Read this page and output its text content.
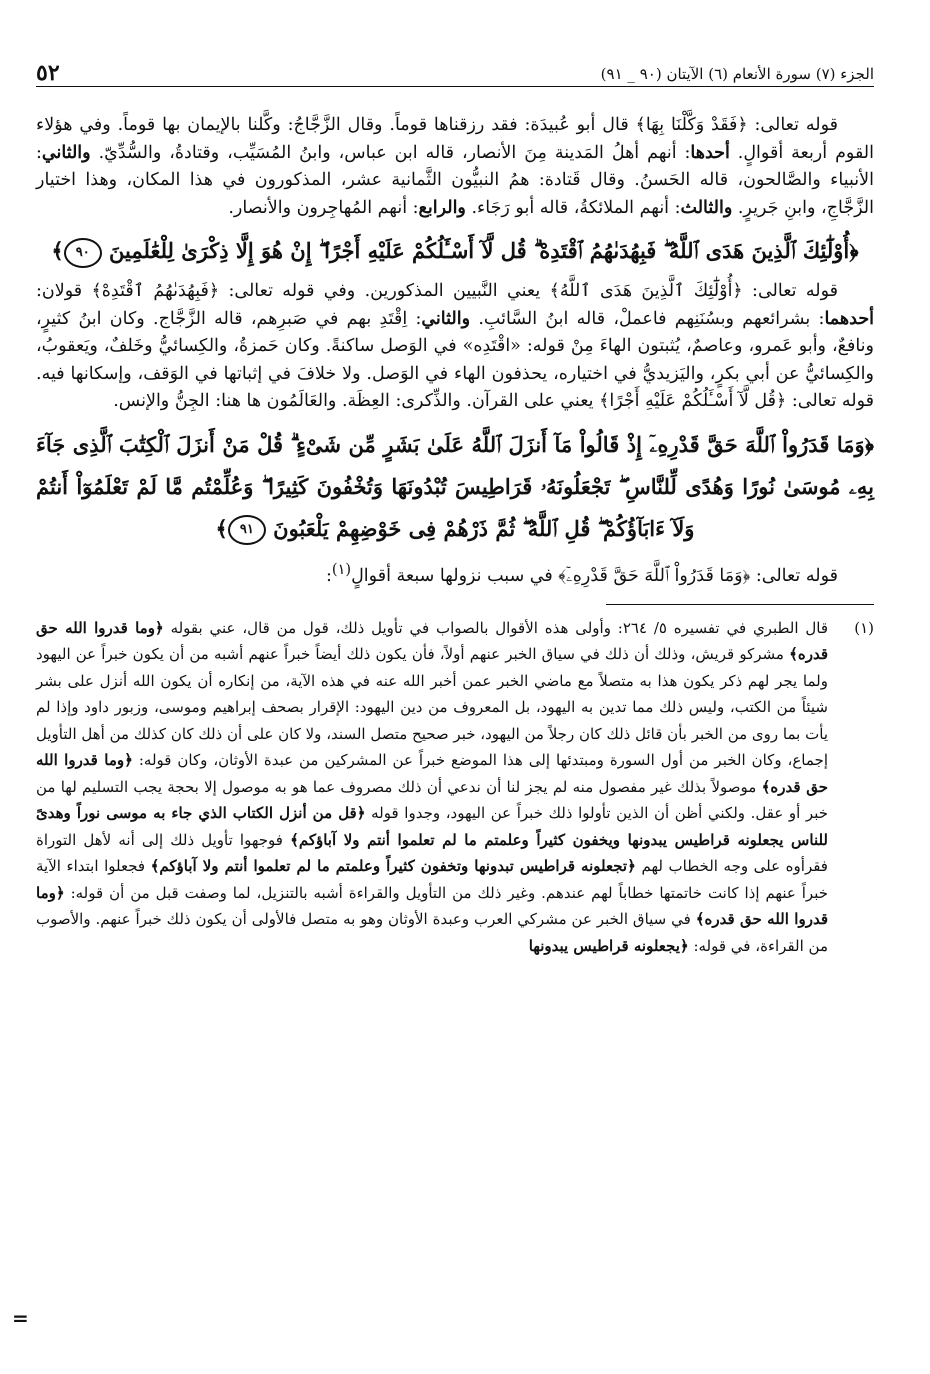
الجزء (٧) سورة الأنعام (٦) الآيتان (٩٠ _ ٩١)
٥٢

قوله تعالى: ﴿فَقَدْ وَكَّلْنَا بِهَا﴾ قال أبو عُبيدَة: فقد رزقناها قوماً. وقال الزَّجَّاجُ: وكَّلنا بالإيمان بها قوماً. وفي هؤلاء القوم أربعة أقوالٍ. أحدها: أنهم أهلُ المَدينة مِنَ الأنصار، قاله ابن عباس، وابنُ المُسَيِّب، وقتادةُ، والسُّدِّيّ. والثاني: الأنبياء والصَّالحون، قاله الحَسنُ. وقال قَتادة: همُ النبيُّون الثَّمانية عشر، المذكورون في هذا المكان، وهذا اختيار الزَّجَّاجِ، وابنِ جَريرٍ. والثالث: أنهم الملائكةُ، قاله أبو رَجَاء. والرابع: أنهم المُهاجِرون والأنصار.

﴿أُوْلَٰٓئِكَ ٱلَّذِينَ هَدَى ٱللَّهُ ۖ فَبِهُدَىٰهُمُ ٱقْتَدِهْ ۗ قُل لَّآ أَسْـَٔلُكُمْ عَلَيْهِ أَجْرًا ۖ إِنْ هُوَ إِلَّا ذِكْرَىٰ لِلْعَٰلَمِينَ ٩٠﴾

قوله تعالى: ﴿أُوْلَٰٓئِكَ ٱلَّذِينَ هَدَى ٱللَّهُ﴾ يعني النَّبيين المذكورين. وفي قوله تعالى: ﴿فَبِهُدَىٰهُمُ ٱقْتَدِهْ﴾ قولان: أحدهما: بشرائعهم وبسُنَنِهم فاعملْ، قاله ابنُ السَّائبِ. والثاني: اِقْتَدِ بهم في صَبرِهم، قاله الزَّجَّاج. وكان ابنُ كثيرٍ، ونافعٌ، وأبو عَمرو، وعاصمٌ، يُثبتون الهاءَ مِنْ قوله: «اقْتَدِه» في الوَصل ساكنةً. وكان حَمزةُ، والكِسائيُّ وخَلفٌ، ويَعقوبُ، والكِسائيُّ عن أبي بكرٍ، واليَزيديُّ في اختياره، يحذفون الهاء في الوَصل. ولا خلافَ في إثباتها في الوَقف، وإسكانها فيه. قوله تعالى: ﴿قُل لَّآ أَسْـَٔلُكُمْ عَلَيْهِ أَجْرًا﴾ يعني على القرآن. والذِّكرى: العِظَة. والعَالَمُون ها هنا: الجِنُّ والإنس.

﴿وَمَا قَدَرُواْ ٱللَّهَ حَقَّ قَدْرِهِۦٓ إِذْ قَالُواْ مَآ أَنزَلَ ٱللَّهُ عَلَىٰ بَشَرٍ مِّن شَىْءٍ ۗ قُلْ مَنْ أَنزَلَ ٱلْكِتَٰبَ ٱلَّذِى جَآءَ بِهِۦ مُوسَىٰ نُورًا وَهُدًى لِّلنَّاسِ ۖ تَجْعَلُونَهُۥ قَرَاطِيسَ تُبْدُونَهَا وَتُخْفُونَ كَثِيرًا ۖ وَعُلِّمْتُم مَّا لَمْ تَعْلَمُوٓاْ أَنتُمْ وَلَآ ءَابَآؤُكُمْ ۖ قُلِ ٱللَّهُ ۖ ثُمَّ ذَرْهُمْ فِى خَوْضِهِمْ يَلْعَبُونَ ٩١﴾

قوله تعالى: ﴿وَمَا قَدَرُواْ ٱللَّهَ حَقَّ قَدْرِهِۦٓ﴾ في سبب نزولها سبعة أقوالٍ$^{(١)}$:

(١)
قال الطبري في تفسيره ٥/ ٢٦٤: وأولى هذه الأقوال بالصواب في تأويل ذلك، قول من قال، عني بقوله ﴿وما قدروا الله حق قدره﴾ مشركو قريش، وذلك أن ذلك في سياق الخبر عنهم أولاً، فأن يكون ذلك أيضاً خبراً عنهم أشبه من أن يكون خبراً عن اليهود ولما يجر لهم ذكر يكون هذا به متصلاً مع ماضي الخبر عمن أخبر الله عنه في هذه الآية، من إنكاره أن يكون الله أنزل على بشر شيئاً من الكتب، وليس ذلك مما تدين به اليهود، بل المعروف من دين اليهود: الإقرار بصحف إبراهيم وموسى، وزبور داود وإذا لم يأت بما روى من الخبر بأن قائل ذلك كان رجلاً من اليهود، خبر صحيح متصل السند، ولا كان على أن ذلك كان كذلك من أهل التأويل إجماع، وكان الخبر من أول السورة ومبتدئها إلى هذا الموضع خبراً عن المشركين من عبدة الأوثان، وكان قوله: ﴿وما قدروا الله حق قدره﴾ موصولاً بذلك غير مفصول منه لم يجز لنا أن ندعي أن ذلك مصروف عما هو به موصول إلا بحجة يجب التسليم لها من خبر أو عقل. ولكني أظن أن الذين تأولوا ذلك خبراً عن اليهود، وجدوا قوله ﴿قل من أنزل الكتاب الذي جاء به موسى نوراً وهدىً للناس يجعلونه قراطيس يبدونها ويخفون كثيراً وعلمتم ما لم تعلموا أنتم ولا آباؤكم﴾ فوجهوا تأويل ذلك إلى أنه لأهل التوراة فقرأوه على وجه الخطاب لهم ﴿تجعلونه قراطيس تبدونها وتخفون كثيراً وعلمتم ما لم تعلموا أنتم ولا آباؤكم﴾ فجعلوا ابتداء الآية خبراً عنهم إذا كانت خاتمتها خطاباً لهم عندهم. وغير ذلك من التأويل والقراءة أشبه بالتنزيل، لما وصفت قبل من أن قوله: ﴿وما قدروا الله حق قدره﴾ في سياق الخبر عن مشركي العرب وعبدة الأوثان وهو به متصل فالأولى أن يكون ذلك خبراً عنهم. والأصوب من القراءة، في قوله: ﴿يجعلونه قراطيس يبدونها
=
